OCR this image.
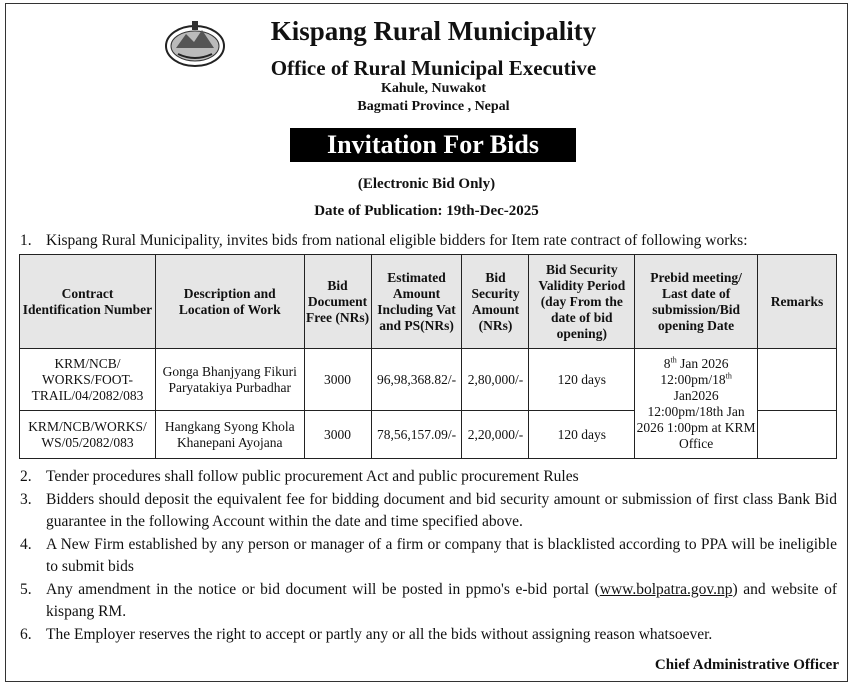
Kispang Rural Municipality
Office of Rural Municipal Executive
Kahule, Nuwakot
Bagmati Province , Nepal
Invitation For Bids
(Electronic Bid Only)
Date of Publication: 19th-Dec-2025
1. Kispang Rural Municipality, invites bids from national eligible bidders for Item rate contract of following works:
Contract Identification Number	Description and Location of Work	Bid Document Free (NRs)	Estimated Amount Including Vat and PS(NRs)	Bid Security Amount (NRs)	Bid Security Validity Period (day From the date of bid opening)	Prebid meeting/ Last date of submission/Bid opening Date	Remarks
KRM/NCB/ WORKS/FOOT-TRAIL/04/2082/083	Gonga Bhanjyang Fikuri Paryatakiya Purbadhar	3000	96,98,368.82/-	2,80,000/-	120 days	8th Jan 2026 12:00pm/18th Jan2026 12:00pm/18th Jan 2026 1:00pm at KRM Office	
KRM/NCB/WORKS/ WS/05/2082/083	Hangkang Syong Khola Khanepani Ayojana	3000	78,56,157.09/-	2,20,000/-	120 days		
2. Tender procedures shall follow public procurement Act and public procurement Rules
3. Bidders should deposit the equivalent fee for bidding document and bid security amount or submission of first class Bank Bid guarantee in the following Account within the date and time specified above.
4. A New Firm established by any person or manager of a firm or company that is blacklisted according to PPA will be ineligible to submit bids
5. Any amendment in the notice or bid document will be posted in ppmo's e-bid portal (www.bolpatra.gov.np) and website of kispang RM.
6. The Employer reserves the right to accept or partly any or all the bids without assigning reason whatsoever.
Chief Administrative Officer
